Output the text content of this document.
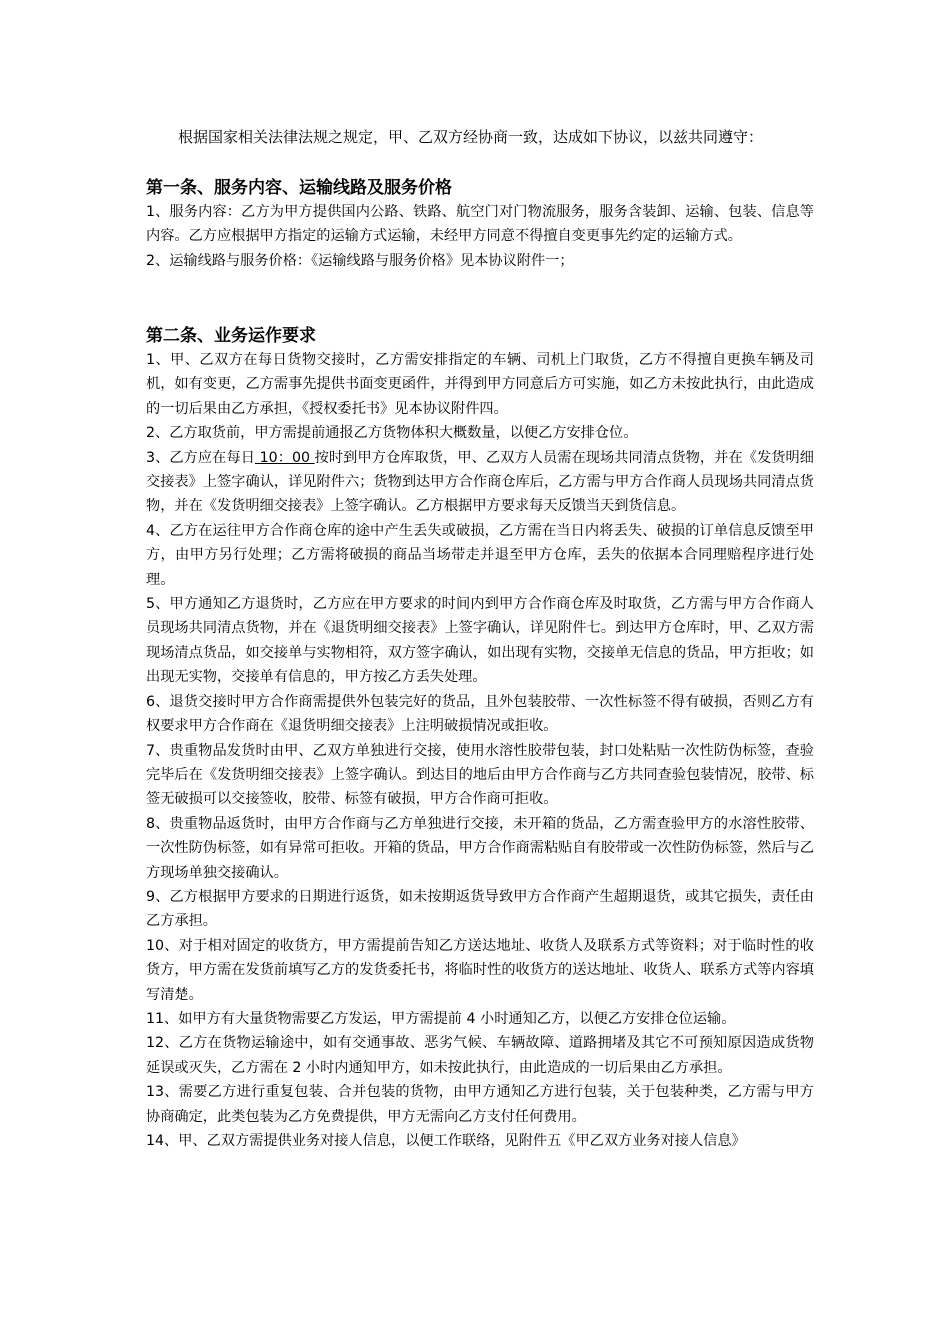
根据国家相关法律法规之规定，甲、乙双方经协商一致，达成如下协议，以兹共同遵守：
第一条、服务内容、运输线路及服务价格

1、服务内容：乙方为甲方提供国内公路、铁路、航空门对门物流服务，服务含装卸、运输、包装、信息等内容。乙方应根据甲方指定的运输方式运输，未经甲方同意不得擅自变更事先约定的运输方式。

2、运输线路与服务价格：《运输线路与服务价格》见本协议附件一；

第二条、业务运作要求

1、甲、乙双方在每日货物交接时，乙方需安排指定的车辆、司机上门取货，乙方不得擅自更换车辆及司机，如有变更，乙方需事先提供书面变更函件，并得到甲方同意后方可实施，如乙方未按此执行，由此造成的一切后果由乙方承担，《授权委托书》见本协议附件四。

2、乙方取货前，甲方需提前通报乙方货物体积大概数量，以便乙方安排仓位。

3、乙方应在每日 10：00 按时到甲方仓库取货，甲、乙双方人员需在现场共同清点货物，并在《发货明细交接表》上签字确认，详见附件六；货物到达甲方合作商仓库后，乙方需与甲方合作商人员现场共同清点货物，并在《发货明细交接表》上签字确认。乙方根据甲方要求每天反馈当天到货信息。

4、乙方在运往甲方合作商仓库的途中产生丢失或破损，乙方需在当日内将丢失、破损的订单信息反馈至甲方，由甲方另行处理；乙方需将破损的商品当场带走并退至甲方仓库，丢失的依据本合同理赔程序进行处理。

5、甲方通知乙方退货时，乙方应在甲方要求的时间内到甲方合作商仓库及时取货，乙方需与甲方合作商人员现场共同清点货物，并在《退货明细交接表》上签字确认，详见附件七。到达甲方仓库时，甲、乙双方需现场清点货品，如交接单与实物相符，双方签字确认，如出现有实物，交接单无信息的货品，甲方拒收；如出现无实物，交接单有信息的，甲方按乙方丢失处理。

6、退货交接时甲方合作商需提供外包装完好的货品，且外包装胶带、一次性标签不得有破损，否则乙方有权要求甲方合作商在《退货明细交接表》上注明破损情况或拒收。

7、贵重物品发货时由甲、乙双方单独进行交接，使用水溶性胶带包装，封口处粘贴一次性防伪标签，查验完毕后在《发货明细交接表》上签字确认。到达目的地后由甲方合作商与乙方共同查验包装情况，胶带、标签无破损可以交接签收，胶带、标签有破损，甲方合作商可拒收。

8、贵重物品返货时，由甲方合作商与乙方单独进行交接，未开箱的货品，乙方需查验甲方的水溶性胶带、一次性防伪标签，如有异常可拒收。开箱的货品，甲方合作商需粘贴自有胶带或一次性防伪标签，然后与乙方现场单独交接确认。

9、乙方根据甲方要求的日期进行返货，如未按期返货导致甲方合作商产生超期退货，或其它损失，责任由乙方承担。

10、对于相对固定的收货方，甲方需提前告知乙方送达地址、收货人及联系方式等资料；对于临时性的收货方，甲方需在发货前填写乙方的发货委托书，将临时性的收货方的送达地址、收货人、联系方式等内容填写清楚。

11、如甲方有大量货物需要乙方发运，甲方需提前 4 小时通知乙方，以便乙方安排仓位运输。

12、乙方在货物运输途中，如有交通事故、恶劣气候、车辆故障、道路拥堵及其它不可预知原因造成货物延误或灭失，乙方需在 2 小时内通知甲方，如未按此执行，由此造成的一切后果由乙方承担。

13、需要乙方进行重复包装、合并包装的货物，由甲方通知乙方进行包装，关于包装种类，乙方需与甲方协商确定，此类包装为乙方免费提供，甲方无需向乙方支付任何费用。

14、甲、乙双方需提供业务对接人信息，以便工作联络，见附件五《甲乙双方业务对接人信息》
